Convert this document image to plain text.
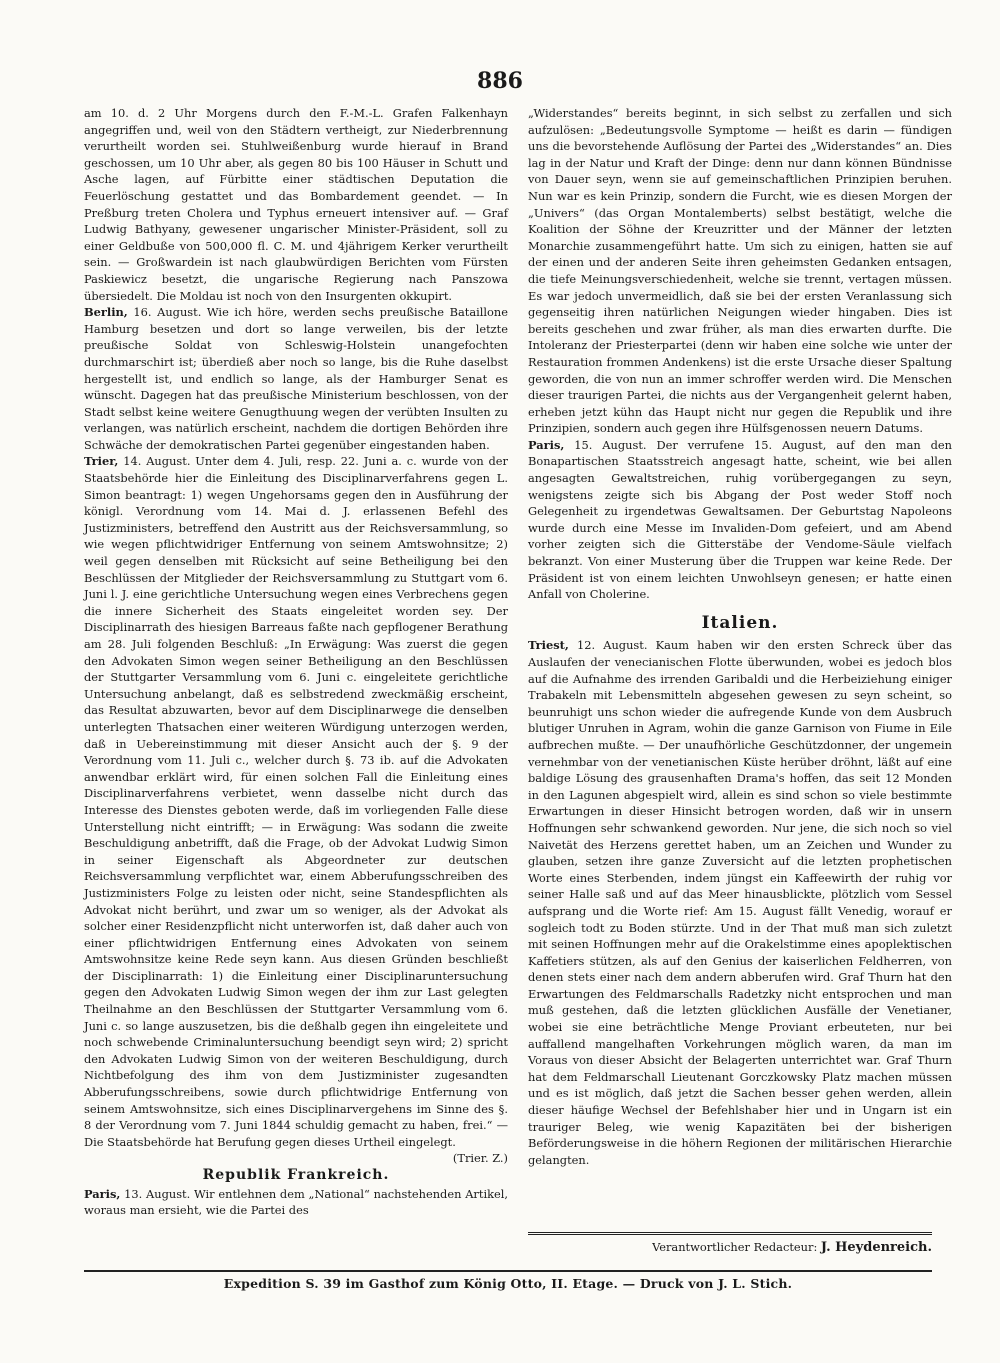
886

am 10. d. 2 Uhr Morgens durch den F.-M.-L. Grafen Falkenhayn angegriffen und, weil von den Städtern vertheigt, zur Niederbrennung verurtheilt worden sei. Stuhlweißenburg wurde hierauf in Brand geschossen, um 10 Uhr aber, als gegen 80 bis 100 Häuser in Schutt und Asche lagen, auf Fürbitte einer städtischen Deputation die Feuerlöschung gestattet und das Bombardement geendet. — In Preßburg treten Cholera und Typhus erneuert intensiver auf. — Graf Ludwig Bathyany, gewesener ungarischer Minister-Präsident, soll zu einer Geldbuße von 500,000 fl. C. M. und 4jährigem Kerker verurtheilt sein. — Großwardein ist nach glaubwürdigen Berichten vom Fürsten Paskiewicz besetzt, die ungarische Regierung nach Panszowa übersiedelt. Die Moldau ist noch von den Insurgenten okkupirt.

Berlin, 16. August. Wie ich höre, werden sechs preußische Bataillone Hamburg besetzen und dort so lange verweilen, bis der letzte preußische Soldat von Schleswig-Holstein unangefochten durchmarschirt ist; überdieß aber noch so lange, bis die Ruhe daselbst hergestellt ist, und endlich so lange, als der Hamburger Senat es wünscht. Dagegen hat das preußische Ministerium beschlossen, von der Stadt selbst keine weitere Genugthuung wegen der verübten Insulten zu verlangen, was natürlich erscheint, nachdem die dortigen Behörden ihre Schwäche der demokratischen Partei gegenüber eingestanden haben.

Trier, 14. August. Unter dem 4. Juli, resp. 22. Juni a. c. wurde von der Staatsbehörde hier die Einleitung des Disciplinarverfahrens gegen L. Simon beantragt: 1) wegen Ungehorsams gegen den in Ausführung der königl. Verordnung vom 14. Mai d. J. erlassenen Befehl des Justizministers, betreffend den Austritt aus der Reichsversammlung, so wie wegen pflichtwidriger Entfernung von seinem Amtswohnsitze; 2) weil gegen denselben mit Rücksicht auf seine Betheiligung bei den Beschlüssen der Mitglieder der Reichsversammlung zu Stuttgart vom 6. Juni l. J. eine gerichtliche Untersuchung wegen eines Verbrechens gegen die innere Sicherheit des Staats eingeleitet worden sey. Der Disciplinarrath des hiesigen Barreaus faßte nach gepflogener Berathung am 28. Juli folgenden Beschluß: „In Erwägung: Was zuerst die gegen den Advokaten Simon wegen seiner Betheiligung an den Beschlüssen der Stuttgarter Versammlung vom 6. Juni c. eingeleitete gerichtliche Untersuchung anbelangt, daß es selbstredend zweckmäßig erscheint, das Resultat abzuwarten, bevor auf dem Disciplinarwege die denselben unterlegten Thatsachen einer weiteren Würdigung unterzogen werden, daß in Uebereinstimmung mit dieser Ansicht auch der §. 9 der Verordnung vom 11. Juli c., welcher durch §. 73 ib. auf die Advokaten anwendbar erklärt wird, für einen solchen Fall die Einleitung eines Disciplinarverfahrens verbietet, wenn dasselbe nicht durch das Interesse des Dienstes geboten werde, daß im vorliegenden Falle diese Unterstellung nicht eintrifft; — in Erwägung: Was sodann die zweite Beschuldigung anbetrifft, daß die Frage, ob der Advokat Ludwig Simon in seiner Eigenschaft als Abgeordneter zur deutschen Reichsversammlung verpflichtet war, einem Abberufungsschreiben des Justizministers Folge zu leisten oder nicht, seine Standespflichten als Advokat nicht berührt, und zwar um so weniger, als der Advokat als solcher einer Residenzpflicht nicht unterworfen ist, daß daher auch von einer pflichtwidrigen Entfernung eines Advokaten von seinem Amtswohnsitze keine Rede seyn kann. Aus diesen Gründen beschließt der Disciplinarrath: 1) die Einleitung einer Disciplinaruntersuchung gegen den Advokaten Ludwig Simon wegen der ihm zur Last gelegten Theilnahme an den Beschlüssen der Stuttgarter Versammlung vom 6. Juni c. so lange auszusetzen, bis die deßhalb gegen ihn eingeleitete und noch schwebende Criminaluntersuchung beendigt seyn wird; 2) spricht den Advokaten Ludwig Simon von der weiteren Beschuldigung, durch Nichtbefolgung des ihm von dem Justizminister zugesandten Abberufungsschreibens, sowie durch pflichtwidrige Entfernung von seinem Amtswohnsitze, sich eines Disciplinarvergehens im Sinne des §. 8 der Verordnung vom 7. Juni 1844 schuldig gemacht zu haben, frei.“ — Die Staatsbehörde hat Berufung gegen dieses Urtheil eingelegt.
(Trier. Z.)

Republik Frankreich.

Paris, 13. August. Wir entlehnen dem „National“ nachstehenden Artikel, woraus man ersieht, wie die Partei des

„Widerstandes“ bereits beginnt, in sich selbst zu zerfallen und sich aufzulösen: „Bedeutungsvolle Symptome — heißt es darin — fündigen uns die bevorstehende Auflösung der Partei des „Widerstandes“ an. Dies lag in der Natur und Kraft der Dinge: denn nur dann können Bündnisse von Dauer seyn, wenn sie auf gemeinschaftlichen Prinzipien beruhen. Nun war es kein Prinzip, sondern die Furcht, wie es diesen Morgen der „Univers“ (das Organ Montalemberts) selbst bestätigt, welche die Koalition der Söhne der Kreuzritter und der Männer der letzten Monarchie zusammengeführt hatte. Um sich zu einigen, hatten sie auf der einen und der anderen Seite ihren geheimsten Gedanken entsagen, die tiefe Meinungsverschiedenheit, welche sie trennt, vertagen müssen. Es war jedoch unvermeidlich, daß sie bei der ersten Veranlassung sich gegenseitig ihren natürlichen Neigungen wieder hingaben. Dies ist bereits geschehen und zwar früher, als man dies erwarten durfte. Die Intoleranz der Priesterpartei (denn wir haben eine solche wie unter der Restauration frommen Andenkens) ist die erste Ursache dieser Spaltung geworden, die von nun an immer schroffer werden wird. Die Menschen dieser traurigen Partei, die nichts aus der Vergangenheit gelernt haben, erheben jetzt kühn das Haupt nicht nur gegen die Republik und ihre Prinzipien, sondern auch gegen ihre Hülfsgenossen neuern Datums.

Paris, 15. August. Der verrufene 15. August, auf den man den Bonapartischen Staatsstreich angesagt hatte, scheint, wie bei allen angesagten Gewaltstreichen, ruhig vorübergegangen zu seyn, wenigstens zeigte sich bis Abgang der Post weder Stoff noch Gelegenheit zu irgendetwas Gewaltsamen. Der Geburtstag Napoleons wurde durch eine Messe im Invaliden-Dom gefeiert, und am Abend vorher zeigten sich die Gitterstäbe der Vendome-Säule vielfach bekranzt. Von einer Musterung über die Truppen war keine Rede. Der Präsident ist von einem leichten Unwohlseyn genesen; er hatte einen Anfall von Cholerine.

Italien.

Triest, 12. August. Kaum haben wir den ersten Schreck über das Auslaufen der venecianischen Flotte überwunden, wobei es jedoch blos auf die Aufnahme des irrenden Garibaldi und die Herbeiziehung einiger Trabakeln mit Lebensmitteln abgesehen gewesen zu seyn scheint, so beunruhigt uns schon wieder die aufregende Kunde von dem Ausbruch blutiger Unruhen in Agram, wohin die ganze Garnison von Fiume in Eile aufbrechen mußte. — Der unaufhörliche Geschützdonner, der ungemein vernehmbar von der venetianischen Küste herüber dröhnt, läßt auf eine baldige Lösung des grausenhaften Drama's hoffen, das seit 12 Monden in den Lagunen abgespielt wird, allein es sind schon so viele bestimmte Erwartungen in dieser Hinsicht betrogen worden, daß wir in unsern Hoffnungen sehr schwankend geworden. Nur jene, die sich noch so viel Naivetät des Herzens gerettet haben, um an Zeichen und Wunder zu glauben, setzen ihre ganze Zuversicht auf die letzten prophetischen Worte eines Sterbenden, indem jüngst ein Kaffeewirth der ruhig vor seiner Halle saß und auf das Meer hinausblickte, plötzlich vom Sessel aufsprang und die Worte rief: Am 15. August fällt Venedig, worauf er sogleich todt zu Boden stürzte. Und in der That muß man sich zuletzt mit seinen Hoffnungen mehr auf die Orakelstimme eines apoplektischen Kaffetiers stützen, als auf den Genius der kaiserlichen Feldherren, von denen stets einer nach dem andern abberufen wird. Graf Thurn hat den Erwartungen des Feldmarschalls Radetzky nicht entsprochen und man muß gestehen, daß die letzten glücklichen Ausfälle der Venetianer, wobei sie eine beträchtliche Menge Proviant erbeuteten, nur bei auffallend mangelhaften Vorkehrungen möglich waren, da man im Voraus von dieser Absicht der Belagerten unterrichtet war. Graf Thurn hat dem Feldmarschall Lieutenant Gorczkowsky Platz machen müssen und es ist möglich, daß jetzt die Sachen besser gehen werden, allein dieser häufige Wechsel der Befehlshaber hier und in Ungarn ist ein trauriger Beleg, wie wenig Kapazitäten bei der bisherigen Beförderungsweise in die höhern Regionen der militärischen Hierarchie gelangten.

Verantwortlicher Redacteur: J. Heydenreich.
Expedition S. 39 im Gasthof zum König Otto, II. Etage. — Druck von J. L. Stich.
